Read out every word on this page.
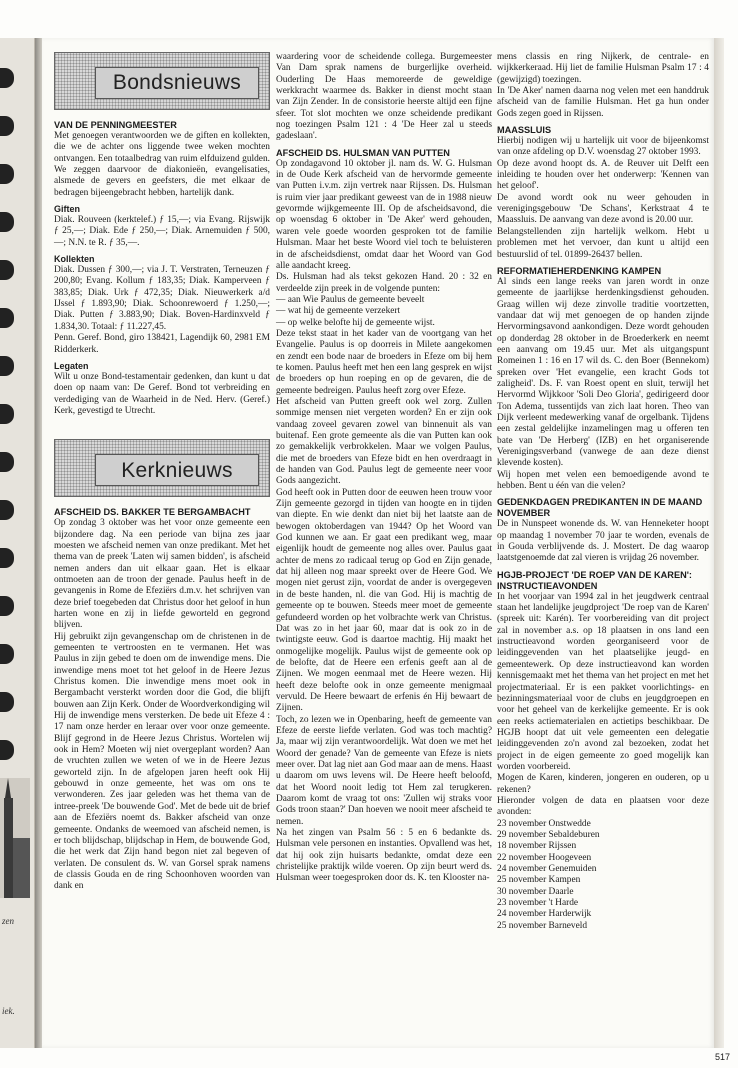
zen
iek.
Bondsnieuws
VAN DE PENNINGMEESTER

Met genoegen verantwoorden we de giften en kollekten, die we de achter ons liggende twee weken mochten ontvangen. Een totaalbedrag van ruim elfduizend gulden. We zeggen daarvoor de diakonieën, evangelisaties, alsmede de gevers en geefsters, die met elkaar de bedragen bijeengebracht hebben, hartelijk dank.

Giften

Diak. Rouveen (kerktelef.) ƒ 15,—; via Evang. Rijswijk ƒ 25,—; Diak. Ede ƒ 250,—; Diak. Arnemuiden ƒ 500,—; N.N. te R. ƒ 35,—.

Kollekten

Diak. Dussen ƒ 300,—; via J. T. Verstraten, Terneuzen ƒ 200,80; Evang. Kollum ƒ 183,35; Diak. Kamperveen ƒ 383,85; Diak. Urk ƒ 472,35; Diak. Nieuwerkerk a/d IJssel ƒ 1.893,90; Diak. Schoonrewoerd ƒ 1.250,—; Diak. Putten ƒ 3.883,90; Diak. Boven-Hardinxveld ƒ 1.834,30. Totaal: ƒ 11.227,45.

Penn. Geref. Bond, giro 138421, Lagendijk 60, 2981 EM Ridderkerk.

Legaten

Wilt u onze Bond-testamentair gedenken, dan kunt u dat doen op naam van: De Geref. Bond tot verbreiding en verdediging van de Waarheid in de Ned. Herv. (Geref.) Kerk, gevestigd te Utrecht.

Kerknieuws
AFSCHEID DS. BAKKER TE BERGAMBACHT

Op zondag 3 oktober was het voor onze gemeente een bijzondere dag. Na een periode van bijna zes jaar moesten we afscheid nemen van onze predikant. Met het thema van de preek 'Laten wij samen bidden', is afscheid nemen anders dan uit elkaar gaan. Het is elkaar ontmoeten aan de troon der genade. Paulus heeft in de gevangenis in Rome de Efeziërs d.m.v. het schrijven van deze brief toegebeden dat Christus door het geloof in hun harten wone en zij in liefde geworteld en gegrond blijven.

Hij gebruikt zijn gevangenschap om de christenen in de gemeenten te vertroosten en te vermanen. Het was Paulus in zijn gebed te doen om de inwendige mens. Die inwendige mens moet tot het geloof in de Heere Jezus Christus komen. Die inwendige mens moet ook in Bergambacht versterkt worden door die God, die blijft bouwen aan Zijn Kerk. Onder de Woordverkondiging wil Hij de inwendige mens versterken. De bede uit Efeze 4 : 17 nam onze herder en leraar over voor onze gemeente. Blijf gegrond in de Heere Jezus Christus. Wortelen wij ook in Hem? Moeten wij niet overgeplant worden? Aan de vruchten zullen we weten of we in de Heere Jezus geworteld zijn. In de afgelopen jaren heeft ook Hij gebouwd in onze gemeente, het was om ons te verwonderen. Zes jaar geleden was het thema van de intree-preek 'De bouwende God'. Met de bede uit de brief aan de Efeziërs noemt ds. Bakker afscheid van onze gemeente. Ondanks de weemoed van afscheid nemen, is er toch blijdschap, blijdschap in Hem, de bouwende God, die het werk dat Zijn hand begon niet zal begeven of verlaten. De consulent ds. W. van Gorsel sprak namens de classis Gouda en de ring Schoonhoven woorden van dank en

waardering voor de scheidende collega. Burgemeester Van Dam sprak namens de burgerlijke overheid. Ouderling De Haas memoreerde de geweldige werkkracht waarmee ds. Bakker in dienst mocht staan van Zijn Zender. In de consistorie heerste altijd een fijne sfeer. Tot slot mochten we onze scheidende predikant nog toezingen Psalm 121 : 4 'De Heer zal u steeds gadeslaan'.

AFSCHEID DS. HULSMAN VAN PUTTEN

Op zondagavond 10 oktober jl. nam ds. W. G. Hulsman in de Oude Kerk afscheid van de hervormde gemeente van Putten i.v.m. zijn vertrek naar Rijssen. Ds. Hulsman is ruim vier jaar predikant geweest van de in 1988 nieuw gevormde wijkgemeente III. Op de afscheidsavond, die op woensdag 6 oktober in 'De Aker' werd gehouden, waren vele goede woorden gesproken tot de familie Hulsman. Maar het beste Woord viel toch te beluisteren in de afscheidsdienst, omdat daar het Woord van God alle aandacht kreeg.

Ds. Hulsman had als tekst gekozen Hand. 20 : 32 en verdeelde zijn preek in de volgende punten:

— aan Wie Paulus de gemeente beveelt
— wat hij de gemeente verzekert
— op welke belofte hij de gemeente wijst.

Deze tekst staat in het kader van de voortgang van het Evangelie. Paulus is op doorreis in Milete aangekomen en zendt een bode naar de broeders in Efeze om bij hem te komen. Paulus heeft met hen een lang gesprek en wijst de broeders op hun roeping en op de gevaren, die de gemeente bedreigen. Paulus heeft zorg over Efeze.

Het afscheid van Putten greeft ook wel zorg. Zullen sommige mensen niet vergeten worden? En er zijn ook vandaag zoveel gevaren zowel van binnenuit als van buitenaf. Een grote gemeente als die van Putten kan ook zo gemakkelijk verbrokkelen. Maar we volgen Paulus, die met de broeders van Efeze bidt en hen overdraagt in de handen van God. Paulus legt de gemeente neer voor Gods aangezicht.

God heeft ook in Putten door de eeuwen heen trouw voor Zijn gemeente gezorgd in tijden van hoogte en in tijden van diepte. En wie denkt dan niet bij het laatste aan de bewogen oktoberdagen van 1944? Op het Woord van God kunnen we aan. Er gaat een predikant weg, maar eigenlijk houdt de gemeente nog alles over. Paulus gaat achter de mens zo radicaal terug op God en Zijn genade, dat hij alleen nog maar spreekt over de Heere God. We mogen niet gerust zijn, voordat de ander is overgegeven in de beste handen, nl. die van God. Hij is machtig de gemeente op te bouwen. Steeds meer moet de gemeente gefundeerd worden op het volbrachte werk van Christus. Dat was zo in het jaar 60, maar dat is ook zo in de twintigste eeuw. God is daartoe machtig. Hij maakt het onmogelijke mogelijk. Paulus wijst de gemeente ook op de belofte, dat de Heere een erfenis geeft aan al de Zijnen. We mogen eenmaal met de Heere wezen. Hij heeft deze belofte ook in onze gemeente menigmaal vervuld. De Heere bewaart de erfenis én Hij bewaart de Zijnen.

Toch, zo lezen we in Openbaring, heeft de gemeente van Efeze de eerste liefde verlaten. God was toch machtig? Ja, maar wij zijn verantwoordelijk. Wat doen we met het Woord der genade? Van de gemeente van Efeze is niets meer over. Dat lag niet aan God maar aan de mens. Haast u daarom om uws levens wil. De Heere heeft beloofd, dat het Woord nooit ledig tot Hem zal terugkeren. Daarom komt de vraag tot ons: 'Zullen wij straks voor Gods troon staan?' Dan hoeven we nooit meer afscheid te nemen.

Na het zingen van Psalm 56 : 5 en 6 bedankte ds. Hulsman vele personen en instanties. Opvallend was het, dat hij ook zijn huisarts bedankte, omdat deze een christelijke praktijk wilde voeren. Op zijn beurt werd ds. Hulsman weer toegesproken door ds. K. ten Klooster na-

mens classis en ring Nijkerk, de centrale- en wijkkerkeraad. Hij liet de familie Hulsman Psalm 17 : 4 (gewijzigd) toezingen.

In 'De Aker' namen daarna nog velen met een handdruk afscheid van de familie Hulsman. Het ga hun onder Gods zegen goed in Rijssen.

MAASSLUIS

Hierbij nodigen wij u hartelijk uit voor de bijeenkomst van onze afdeling op D.V. woensdag 27 oktober 1993.

Op deze avond hoopt ds. A. de Reuver uit Delft een inleiding te houden over het onderwerp: 'Kennen van het geloof'.

De avond wordt ook nu weer gehouden in verenigingsgebouw 'De Schans', Kerkstraat 4 te Maassluis. De aanvang van deze avond is 20.00 uur.

Belangstellenden zijn hartelijk welkom. Hebt u problemen met het vervoer, dan kunt u altijd een bestuurslid of tel. 01899-26437 bellen.

REFORMATIEHERDENKING KAMPEN

Al sinds een lange reeks van jaren wordt in onze gemeente de jaarlijkse herdenkingsdienst gehouden. Graag willen wij deze zinvolle traditie voortzetten, vandaar dat wij met genoegen de op handen zijnde Hervormingsavond aankondigen. Deze wordt gehouden op donderdag 28 oktober in de Broederkerk en neemt een aanvang om 19.45 uur. Met als uitgangspunt Romeinen 1 : 16 en 17 wil ds. C. den Boer (Bennekom) spreken over 'Het evangelie, een kracht Gods tot zaligheid'. Ds. F. van Roest opent en sluit, terwijl het Hervormd Wijkkoor 'Soli Deo Gloria', gedirigeerd door Ton Adema, tussentijds van zich laat horen. Theo van Dijk verleent medewerking vanaf de orgelbank. Tijdens een zestal geldelijke inzamelingen mag u offeren ten bate van 'De Herberg' (IZB) en het organiserende Verenigingsverband (vanwege de aan deze dienst klevende kosten).

Wij hopen met velen een bemoedigende avond te hebben. Bent u één van die velen?

GEDENKDAGEN PREDIKANTEN IN DE MAAND NOVEMBER

De in Nunspeet wonende ds. W. van Henneketer hoopt op maandag 1 november 70 jaar te worden, evenals de in Gouda verblijvende ds. J. Mostert. De dag waarop laatstgenoemde dat zal vieren is vrijdag 26 november.

HGJB-PROJECT 'DE ROEP VAN DE KAREN': INSTRUCTIEAVONDEN

In het voorjaar van 1994 zal in het jeugdwerk centraal staan het landelijke jeugdproject 'De roep van de Karen' (spreek uit: Karén). Ter voorbereiding van dit project zal in november a.s. op 18 plaatsen in ons land een instructieavond worden georganiseerd voor de leidinggevenden van het plaatselijke jeugd- en gemeentewerk. Op deze instructieavond kan worden kennisgemaakt met het thema van het project en met het projectmateriaal. Er is een pakket voorlichtings- en bezinningsmateriaal voor de clubs en jeugdgroepen en voor het geheel van de kerkelijke gemeente. Er is ook een reeks actiematerialen en actietips beschikbaar. De HGJB hoopt dat uit vele gemeenten een delegatie leidinggevenden zo'n avond zal bezoeken, zodat het project in de eigen gemeente zo goed mogelijk kan worden voorbereid.

Mogen de Karen, kinderen, jongeren en ouderen, op u rekenen?

Hieronder volgen de data en plaatsen voor deze avonden:

23 november Onstwedde
29 november Sebaldeburen
18 november Rijssen
22 november Hoogeveen
24 november Genemuiden
25 november Kampen
30 november Daarle
23 november 't Harde
24 november Harderwijk
25 november Barneveld
517
